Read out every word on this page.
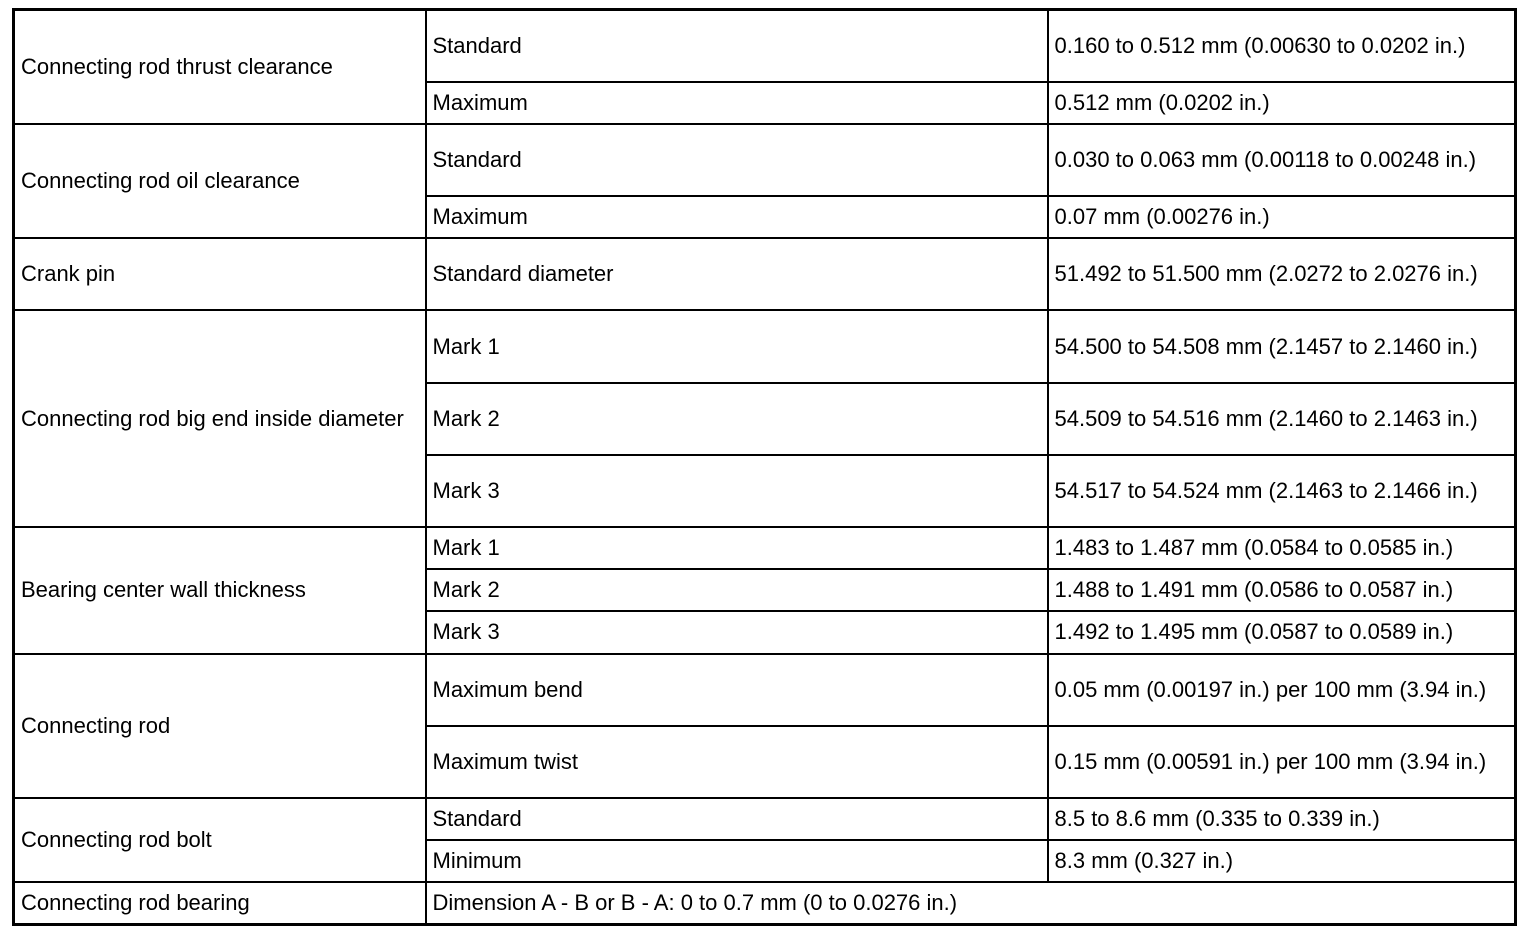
Connecting rod thrust clearance	Standard	0.160 to 0.512 mm (0.00630 to 0.0202 in.)
	Maximum	0.512 mm (0.0202 in.)
Connecting rod oil clearance	Standard	0.030 to 0.063 mm (0.00118 to 0.00248 in.)
	Maximum	0.07 mm (0.00276 in.)
Crank pin	Standard diameter	51.492 to 51.500 mm (2.0272 to 2.0276 in.)
Connecting rod big end inside diameter	Mark 1	54.500 to 54.508 mm (2.1457 to 2.1460 in.)
	Mark 2	54.509 to 54.516 mm (2.1460 to 2.1463 in.)
	Mark 3	54.517 to 54.524 mm (2.1463 to 2.1466 in.)
Bearing center wall thickness	Mark 1	1.483 to 1.487 mm (0.0584 to 0.0585 in.)
	Mark 2	1.488 to 1.491 mm (0.0586 to 0.0587 in.)
	Mark 3	1.492 to 1.495 mm (0.0587 to 0.0589 in.)
Connecting rod	Maximum bend	0.05 mm (0.00197 in.) per 100 mm (3.94 in.)
	Maximum twist	0.15 mm (0.00591 in.) per 100 mm (3.94 in.)
Connecting rod bolt	Standard	8.5 to 8.6 mm (0.335 to 0.339 in.)
	Minimum	8.3 mm (0.327 in.)
Connecting rod bearing	Dimension A - B or B - A: 0 to 0.7 mm (0 to 0.0276 in.)	
